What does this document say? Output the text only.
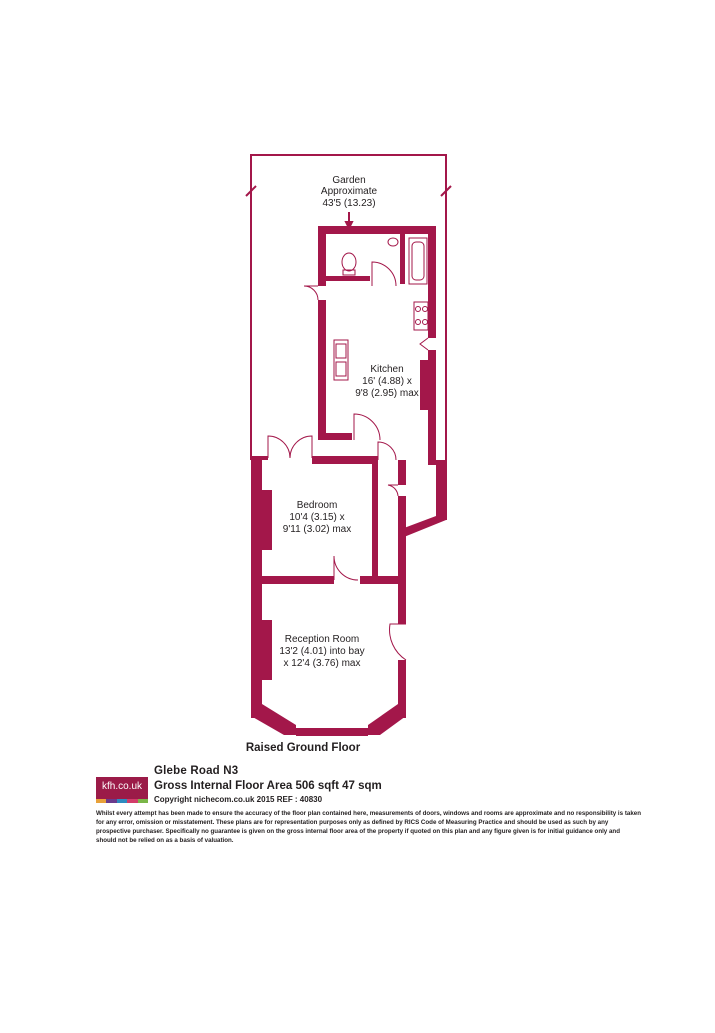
Garden
Approximate
43'5 (13.23)
Kitchen
16' (4.88) x
9'8 (2.95) max
Bedroom
10'4 (3.15) x
9'11 (3.02) max
Reception Room
13'2 (4.01) into bay
x 12'4 (3.76) max
Raised Ground Floor
kfh.co.uk
Glebe Road N3
Gross Internal Floor Area 506 sqft 47 sqm
Copyright nichecom.co.uk 2015 REF : 40830
Whilst every attempt has been made to ensure the accuracy of the floor plan contained here, measurements of doors, windows and rooms are approximate and no responsibility is taken for any error, omission or misstatement. These plans are for representation purposes only as defined by RICS Code of Measuring Practice and should be used as such by any prospective purchaser. Specifically no guarantee is given on the gross internal floor area of the property if quoted on this plan and any figure given is for initial guidance only and should not be relied on as a basis of valuation.
